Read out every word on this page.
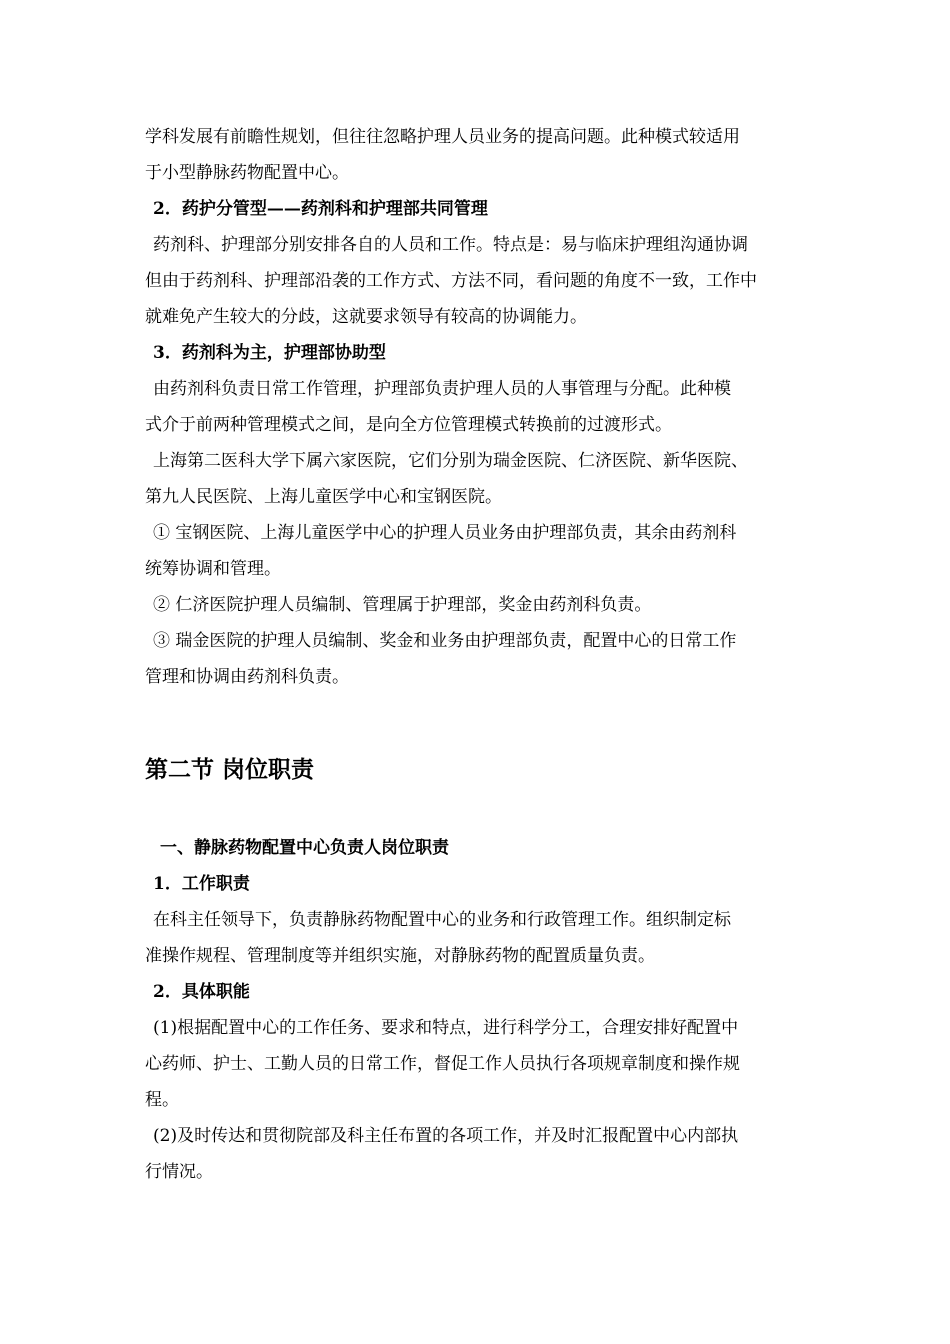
学科发展有前瞻性规划，但往往忽略护理人员业务的提高问题。此种模式较适用
于小型静脉药物配置中心。
2．药护分管型——药剂科和护理部共同管理
药剂科、护理部分别安排各自的人员和工作。特点是：易与临床护理组沟通协调
但由于药剂科、护理部沿袭的工作方式、方法不同，看问题的角度不一致，工作中
就难免产生较大的分歧，这就要求领导有较高的协调能力。
3．药剂科为主，护理部协助型
由药剂科负责日常工作管理，护理部负责护理人员的人事管理与分配。此种模
式介于前两种管理模式之间，是向全方位管理模式转换前的过渡形式。
上海第二医科大学下属六家医院，它们分别为瑞金医院、仁济医院、新华医院、
第九人民医院、上海儿童医学中心和宝钢医院。
① 宝钢医院、上海儿童医学中心的护理人员业务由护理部负责，其余由药剂科
统筹协调和管理。
② 仁济医院护理人员编制、管理属于护理部，奖金由药剂科负责。
③ 瑞金医院的护理人员编制、奖金和业务由护理部负责，配置中心的日常工作
管理和协调由药剂科负责。
第二节 岗位职责
一、静脉药物配置中心负责人岗位职责
1．工作职责
在科主任领导下，负责静脉药物配置中心的业务和行政管理工作。组织制定标
准操作规程、管理制度等并组织实施，对静脉药物的配置质量负责。
2．具体职能
(1)根据配置中心的工作任务、要求和特点，进行科学分工，合理安排好配置中
心药师、护士、工勤人员的日常工作，督促工作人员执行各项规章制度和操作规
程。
(2)及时传达和贯彻院部及科主任布置的各项工作，并及时汇报配置中心内部执
行情况。
